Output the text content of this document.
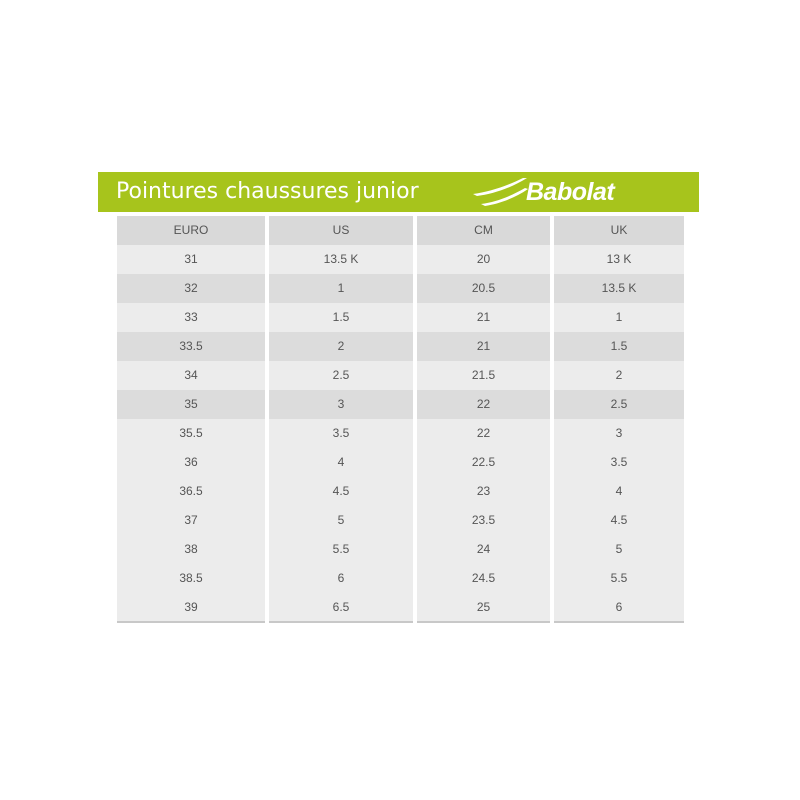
Pointures chaussures junior	Babolat
EURO	US	CM	UK
31	13.5 K	20	13 K
32	1	20.5	13.5 K
33	1.5	21	1
33.5	2	21	1.5
34	2.5	21.5	2
35	3	22	2.5
35.5	3.5	22	3
36	4	22.5	3.5
36.5	4.5	23	4
37	5	23.5	4.5
38	5.5	24	5
38.5	6	24.5	5.5
39	6.5	25	6
